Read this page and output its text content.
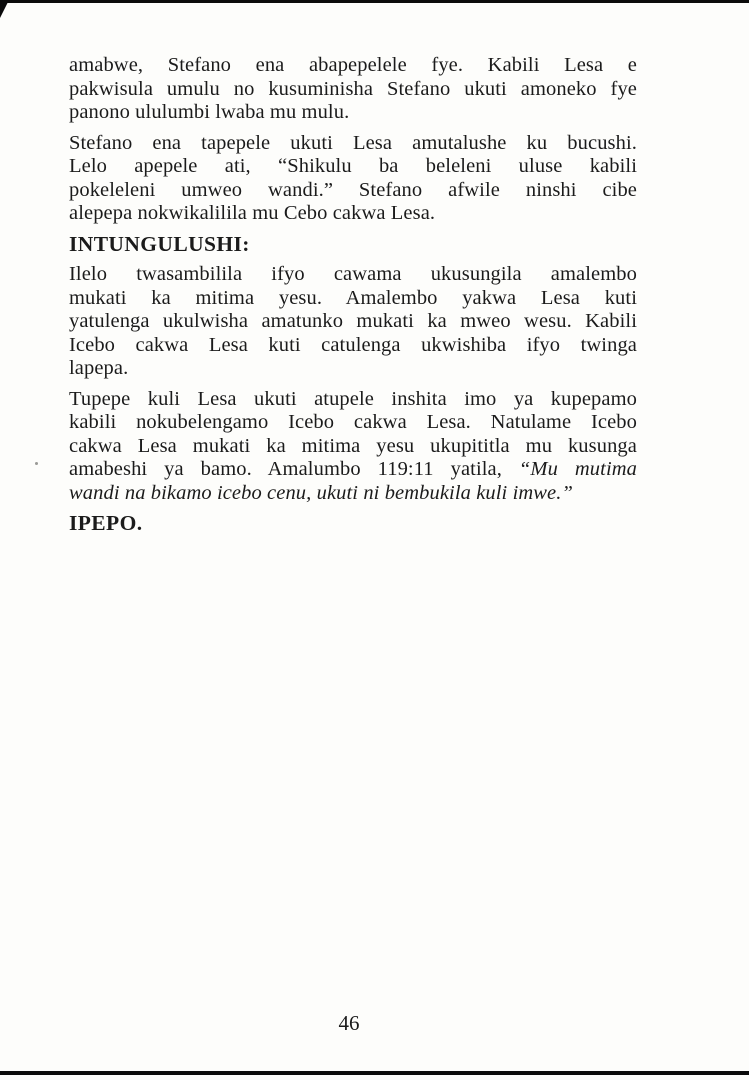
amabwe, Stefano ena abapepelele fye. Kabili Lesa e
pakwisula umulu no kusuminisha Stefano ukuti amoneko fye
panono ululumbi lwaba mu mulu.
Stefano ena tapepele ukuti Lesa amutalushe ku bucushi.
Lelo apepele ati, “Shikulu ba beleleni uluse kabili
pokeleleni umweo wandi.” Stefano afwile ninshi cibe
alepepa nokwikalilila mu Cebo cakwa Lesa.
INTUNGULUSHI:
Ilelo twasambilila ifyo cawama ukusungila amalembo
mukati ka mitima yesu. Amalembo yakwa Lesa kuti
yatulenga ukulwisha amatunko mukati ka mweo wesu. Kabili
Icebo cakwa Lesa kuti catulenga ukwishiba ifyo twinga
lapepa.
Tupepe kuli Lesa ukuti atupele inshita imo ya kupepamo
kabili nokubelengamo Icebo cakwa Lesa. Natulame Icebo
cakwa Lesa mukati ka mitima yesu ukupititla mu kusunga
amabeshi ya bamo. Amalumbo 119:11 yatila, “Mu mutima
wandi na bikamo icebo cenu, ukuti ni bembukila kuli imwe.”
IPEPO.
46
